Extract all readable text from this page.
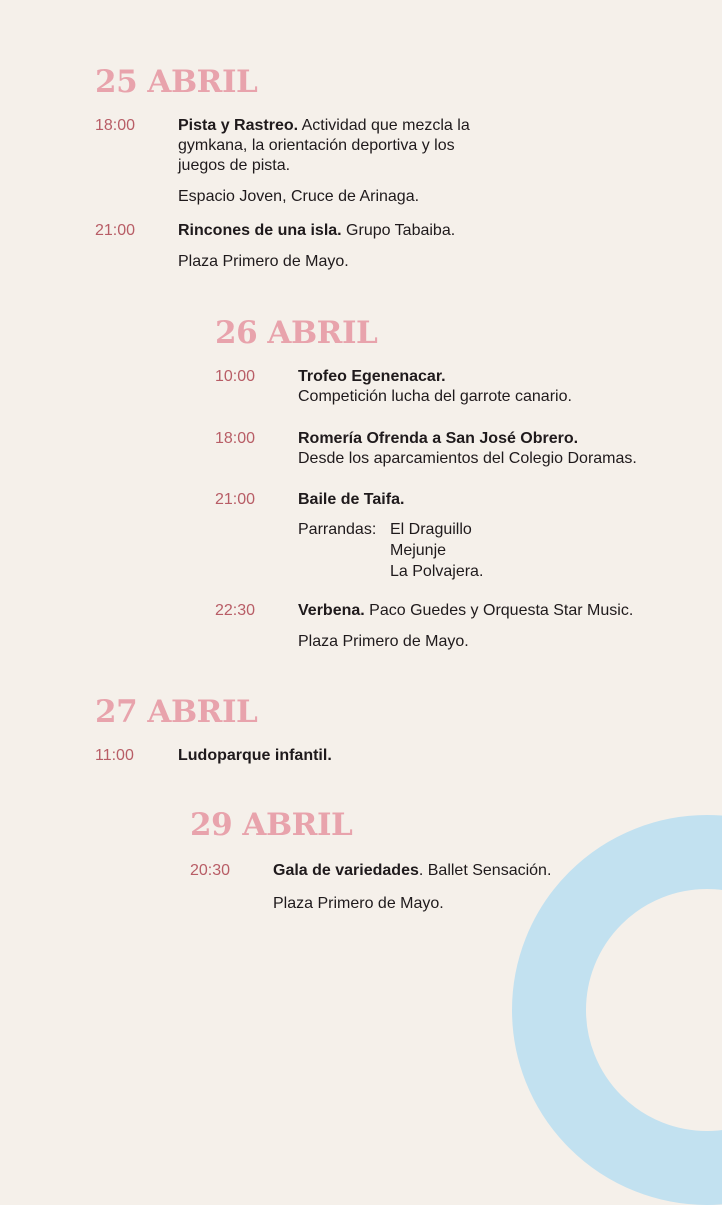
25 ABRIL
18:00	Pista y Rastreo. Actividad que mezcla la
gymkana, la orientación deportiva y los
juegos de pista.
Espacio Joven, Cruce de Arinaga.
21:00	Rincones de una isla. Grupo Tabaiba.
Plaza Primero de Mayo.
26 ABRIL
10:00	Trofeo Egenenacar.
Competición lucha del garrote canario.
18:00	Romería Ofrenda a San José Obrero.
Desde los aparcamientos del Colegio Doramas.
21:00	Baile de Taifa.
Parrandas: El Draguillo
Mejunje
La Polvajera.
22:30	Verbena. Paco Guedes y Orquesta Star Music.
Plaza Primero de Mayo.
27 ABRIL
11:00	Ludoparque infantil.
29 ABRIL
20:30	Gala de variedades. Ballet Sensación.
Plaza Primero de Mayo.
